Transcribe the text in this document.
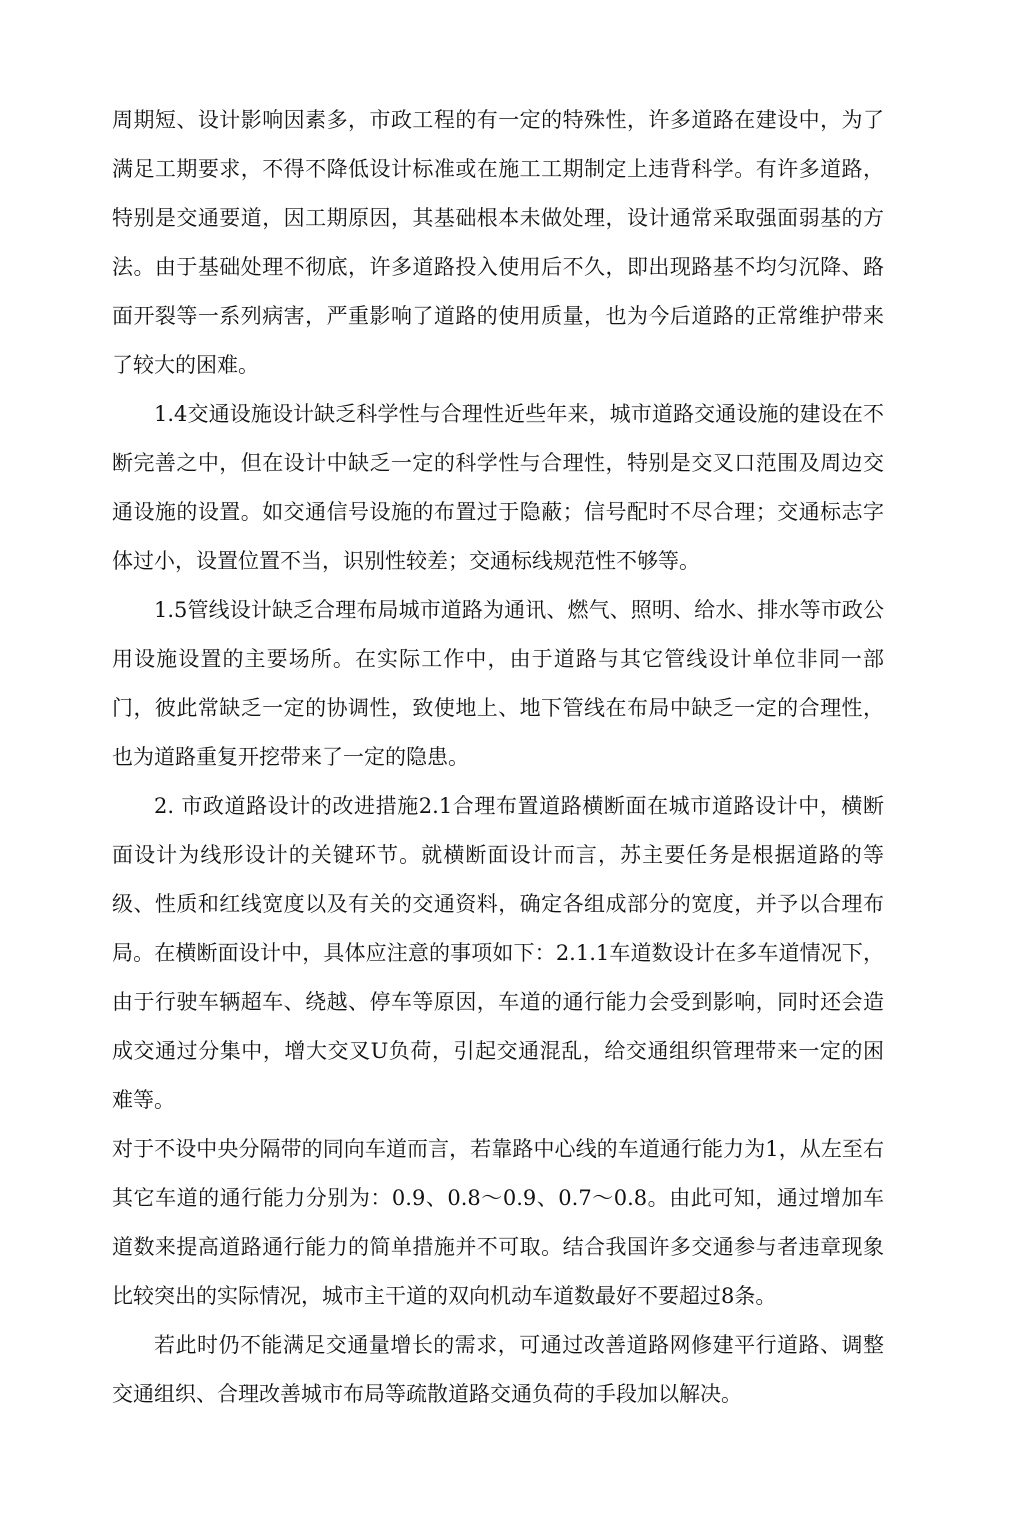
周期短、设计影响因素多，市政工程的有一定的特殊性，许多道路在建设中，为了满足工期要求，不得不降低设计标准或在施工工期制定上违背科学。有许多道路，特别是交通要道，因工期原因，其基础根本未做处理，设计通常采取强面弱基的方法。由于基础处理不彻底，许多道路投入使用后不久，即出现路基不均匀沉降、路面开裂等一系列病害，严重影响了道路的使用质量，也为今后道路的正常维护带来了较大的困难。

1.4交通设施设计缺乏科学性与合理性近些年来，城市道路交通设施的建设在不断完善之中，但在设计中缺乏一定的科学性与合理性，特别是交叉口范围及周边交通设施的设置。如交通信号设施的布置过于隐蔽；信号配时不尽合理；交通标志字体过小，设置位置不当，识别性较差；交通标线规范性不够等。

1.5管线设计缺乏合理布局城市道路为通讯、燃气、照明、给水、排水等市政公用设施设置的主要场所。在实际工作中，由于道路与其它管线设计单位非同一部门，彼此常缺乏一定的协调性，致使地上、地下管线在布局中缺乏一定的合理性，也为道路重复开挖带来了一定的隐患。

2. 市政道路设计的改进措施2.1合理布置道路横断面在城市道路设计中，横断面设计为线形设计的关键环节。就横断面设计而言，苏主要任务是根据道路的等级、性质和红线宽度以及有关的交通资料，确定各组成部分的宽度，并予以合理布局。在横断面设计中，具体应注意的事项如下：2.1.1车道数设计在多车道情况下，由于行驶车辆超车、绕越、停车等原因，车道的通行能力会受到影响，同时还会造成交通过分集中，增大交叉U负荷，引起交通混乱，给交通组织管理带来一定的困难等。

对于不设中央分隔带的同向车道而言，若靠路中心线的车道通行能力为1，从左至右其它车道的通行能力分别为：0.9、0.8～0.9、0.7～0.8。由此可知，通过增加车道数来提高道路通行能力的简单措施并不可取。结合我国许多交通参与者违章现象比较突出的实际情况，城市主干道的双向机动车道数最好不要超过8条。

若此时仍不能满足交通量增长的需求，可通过改善道路网修建平行道路、调整交通组织、合理改善城市布局等疏散道路交通负荷的手段加以解决。
